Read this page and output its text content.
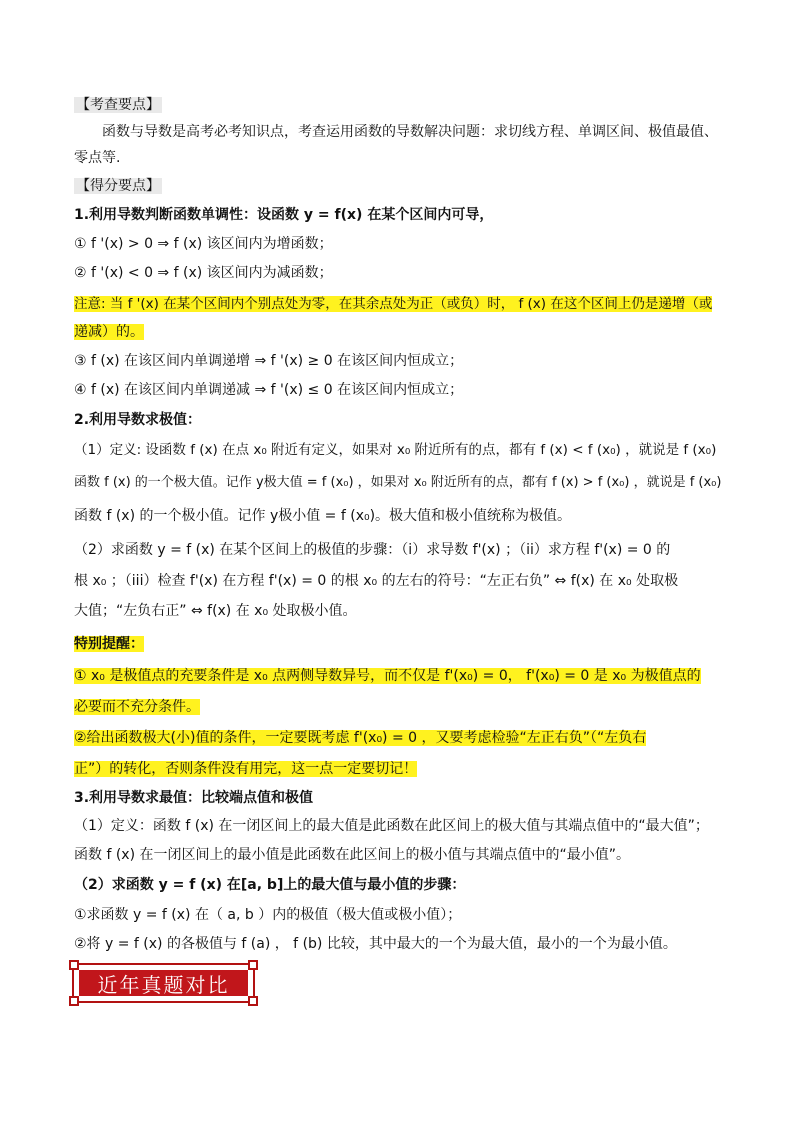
【考查要点】
函数与导数是高考必考知识点，考查运用函数的导数解决问题：求切线方程、单调区间、极值最值、
零点等.
【得分要点】
1.利用导数判断函数单调性：设函数 y = f(x) 在某个区间内可导，
① f '(x) > 0 ⇒ f (x) 该区间内为增函数；
② f '(x) < 0 ⇒ f (x) 该区间内为减函数；
注意: 当 f '(x) 在某个区间内个别点处为零，在其余点处为正（或负）时， f (x) 在这个区间上仍是递增（或
递减）的。
③ f (x) 在该区间内单调递增 ⇒ f '(x) ≥ 0 在该区间内恒成立；
④ f (x) 在该区间内单调递减 ⇒ f '(x) ≤ 0 在该区间内恒成立；
2.利用导数求极值：
（1）定义: 设函数 f (x) 在点 x₀ 附近有定义，如果对 x₀ 附近所有的点，都有 f (x) < f (x₀) ，就说是 f (x₀)
函数 f (x) 的一个极大值。记作 y极大值 = f (x₀) ，如果对 x₀ 附近所有的点，都有 f (x) > f (x₀) ，就说是 f (x₀)
函数 f (x) 的一个极小值。记作 y极小值 = f (x₀)。极大值和极小值统称为极值。
（2）求函数 y = f (x) 在某个区间上的极值的步骤：（i）求导数 f'(x) ；（ii）求方程 f'(x) = 0 的
根 x₀ ；（iii）检查 f'(x) 在方程 f'(x) = 0 的根 x₀ 的左右的符号：“左正右负” ⇔ f(x) 在 x₀ 处取极
大值；“左负右正” ⇔ f(x) 在 x₀ 处取极小值。
特别提醒：
① x₀ 是极值点的充要条件是 x₀ 点两侧导数异号，而不仅是 f'(x₀) = 0， f'(x₀) = 0 是 x₀ 为极值点的
必要而不充分条件。
②给出函数极大(小)值的条件，一定要既考虑 f'(x₀) = 0 ，又要考虑检验“左正右负”（“左负右
正”）的转化，否则条件没有用完，这一点一定要切记！
3.利用导数求最值：比较端点值和极值
（1）定义：函数 f (x) 在一闭区间上的最大值是此函数在此区间上的极大值与其端点值中的“最大值”；
函数 f (x) 在一闭区间上的最小值是此函数在此区间上的极小值与其端点值中的“最小值”。
（2）求函数 y = f (x) 在[a, b]上的最大值与最小值的步骤：
①求函数 y = f (x) 在（ a, b ）内的极值（极大值或极小值）；
②将 y = f (x) 的各极值与 f (a) ， f (b) 比较，其中最大的一个为最大值，最小的一个为最小值。
近年真题对比
